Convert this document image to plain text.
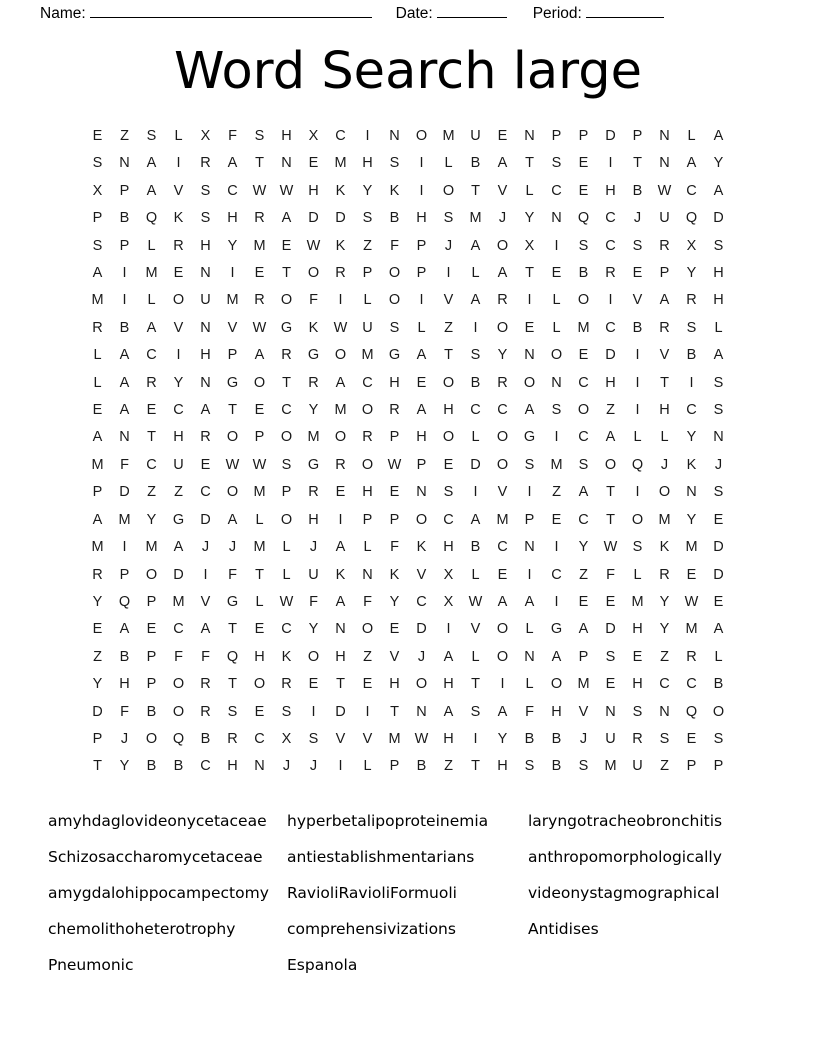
Name:	Date:	Period:
Word Search large
E	Z	S	L	X	F	S	H	X	C	I	N	O	M	U	E	N	P	P	D	P	N	L	A
S	N	A	I	R	A	T	N	E	M	H	S	I	L	B	A	T	S	E	I	T	N	A	Y
X	P	A	V	S	C	W	W	H	K	Y	K	I	O	T	V	L	C	E	H	B	W	C	A
P	B	Q	K	S	H	R	A	D	D	S	B	H	S	M	J	Y	N	Q	C	J	U	Q	D
S	P	L	R	H	Y	M	E	W	K	Z	F	P	J	A	O	X	I	S	C	S	R	X	S
A	I	M	E	N	I	E	T	O	R	P	O	P	I	L	A	T	E	B	R	E	P	Y	H
M	I	L	O	U	M	R	O	F	I	L	O	I	V	A	R	I	L	O	I	V	A	R	H
R	B	A	V	N	V	W	G	K	W	U	S	L	Z	I	O	E	L	M	C	B	R	S	L
L	A	C	I	H	P	A	R	G	O	M	G	A	T	S	Y	N	O	E	D	I	V	B	A
L	A	R	Y	N	G	O	T	R	A	C	H	E	O	B	R	O	N	C	H	I	T	I	S
E	A	E	C	A	T	E	C	Y	M	O	R	A	H	C	C	A	S	O	Z	I	H	C	S
A	N	T	H	R	O	P	O	M	O	R	P	H	O	L	O	G	I	C	A	L	L	Y	N
M	F	C	U	E	W	W	S	G	R	O	W	P	E	D	O	S	M	S	O	Q	J	K	J
P	D	Z	Z	C	O	M	P	R	E	H	E	N	S	I	V	I	Z	A	T	I	O	N	S
A	M	Y	G	D	A	L	O	H	I	P	P	O	C	A	M	P	E	C	T	O	M	Y	E
M	I	M	A	J	J	M	L	J	A	L	F	K	H	B	C	N	I	Y	W	S	K	M	D
R	P	O	D	I	F	T	L	U	K	N	K	V	X	L	E	I	C	Z	F	L	R	E	D
Y	Q	P	M	V	G	L	W	F	A	F	Y	C	X	W	A	A	I	E	E	M	Y	W	E
E	A	E	C	A	T	E	C	Y	N	O	E	D	I	V	O	L	G	A	D	H	Y	M	A
Z	B	P	F	F	Q	H	K	O	H	Z	V	J	A	L	O	N	A	P	S	E	Z	R	L
Y	H	P	O	R	T	O	R	E	T	E	H	O	H	T	I	L	O	M	E	H	C	C	B
D	F	B	O	R	S	E	S	I	D	I	T	N	A	S	A	F	H	V	N	S	N	Q	O
P	J	O	Q	B	R	C	X	S	V	V	M	W	H	I	Y	B	B	J	U	R	S	E	S
T	Y	B	B	C	H	N	J	J	I	L	P	B	Z	T	H	S	B	S	M	U	Z	P	P
amyhdaglovideonycetaceae	hyperbetalipoproteinemia	laryngotracheobronchitis
Schizosaccharomycetaceae	antiestablishmentarians	anthropomorphologically
amygdalohippocampectomy	RavioliRavioliFormuoli	videonystagmographical
chemolithoheterotrophy	comprehensivizations	Antidises
Pneumonic	Espanola
